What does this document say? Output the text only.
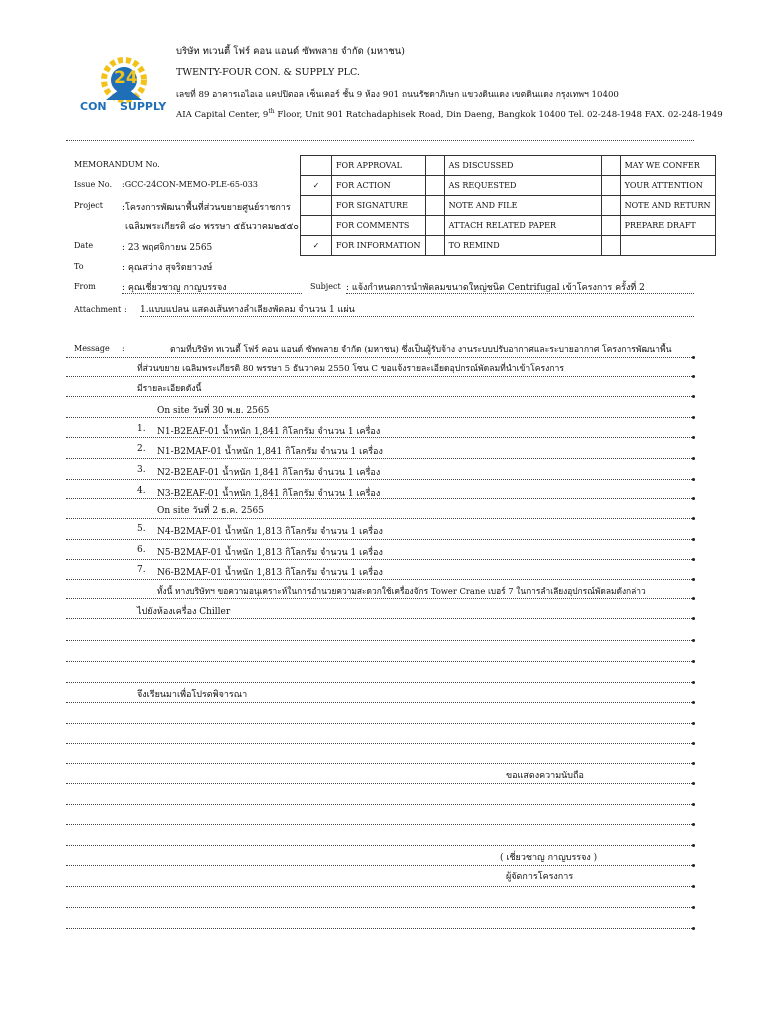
24
CON SUPPLY
บริษัท ทเวนตี้ โฟร์ คอน แอนด์ ซัพพลาย จำกัด (มหาชน)
TWENTY-FOUR CON. & SUPPLY PLC.
เลขที่ 89 อาคารเอไอเอ แคปปิตอล เซ็นเตอร์ ชั้น 9 ห้อง 901 ถนนรัชดาภิเษก แขวงดินแดง เขตดินแดง กรุงเทพฯ 10400
AIA Capital Center, 9th Floor, Unit 901 Ratchadaphisek Road, Din Daeng, Bangkok 10400 Tel. 02-248-1948 FAX. 02-248-1949
MEMORANDUM No.
Issue No. :GCC-24CON-MEMO-PLE-65-033
Project :โครงการพัฒนาพื้นที่ส่วนขยายศูนย์ราชการ
เฉลิมพระเกียรติ ๘๐ พรรษา ๕ธันวาคม๒๕๕๐
Date	: 23 พฤศจิกายน 2565
To	: คุณสว่าง สุจริตยาวงษ์
From	: คุณเชี่ยวชาญ กาญบรรจง	Subject : แจ้งกำหนดการนำพัดลมขนาดใหญ่ชนิด Centrifugal เข้าโครงการ ครั้งที่ 2
	FOR APPROVAL		AS DISCUSSED		MAY WE CONFER
✓	FOR ACTION		AS REQUESTED		YOUR ATTENTION
	FOR SIGNATURE		NOTE AND FILE		NOTE AND RETURN
	FOR COMMENTS		ATTACH RELATED PAPER		PREPARE DRAFT
✓	FOR INFORMATION		TO REMIND		
Attachment : 1.แบบแปลน แสดงเส้นทางลำเลียงพัดลม จำนวน 1 แผ่น
Message :	ตามที่บริษัท ทเวนตี้ โฟร์ คอน แอนด์ ซัพพลาย จำกัด (มหาชน) ซึ่งเป็นผู้รับจ้าง งานระบบปรับอากาศและระบายอากาศ โครงการพัฒนาพื้น
ที่ส่วนขยาย เฉลิมพระเกียรติ 80 พรรษา 5 ธันวาคม 2550 โซน C ขอแจ้งรายละเอียดอุปกรณ์พัดลมที่นำเข้าโครงการ
มีรายละเอียดดังนี้
On site วันที่ 30 พ.ย. 2565
On site วันที่ 2 ธ.ค. 2565
1. N1-B2EAF-01 น้ำหนัก 1,841 กิโลกรัม จำนวน 1 เครื่อง
2. N1-B2MAF-01 น้ำหนัก 1,841 กิโลกรัม จำนวน 1 เครื่อง
3. N2-B2EAF-01 น้ำหนัก 1,841 กิโลกรัม จำนวน 1 เครื่อง
4. N3-B2EAF-01 น้ำหนัก 1,841 กิโลกรัม จำนวน 1 เครื่อง
5. N4-B2MAF-01 น้ำหนัก 1,813 กิโลกรัม จำนวน 1 เครื่อง
6. N5-B2MAF-01 น้ำหนัก 1,813 กิโลกรัม จำนวน 1 เครื่อง
7. N6-B2MAF-01 น้ำหนัก 1,813 กิโลกรัม จำนวน 1 เครื่อง
ทั้งนี้ ทางบริษัทฯ ขอความอนุเคราะห์ในการอำนวยความสะดวกใช้เครื่องจักร Tower Crane เบอร์ 7 ในการลำเลียงอุปกรณ์พัดลมดังกล่าว
ไปยังห้องเครื่อง Chiller
จึงเรียนมาเพื่อโปรดพิจารณา
ขอแสดงความนับถือ
( เชี่ยวชาญ กาญบรรจง )
ผู้จัดการโครงการ
